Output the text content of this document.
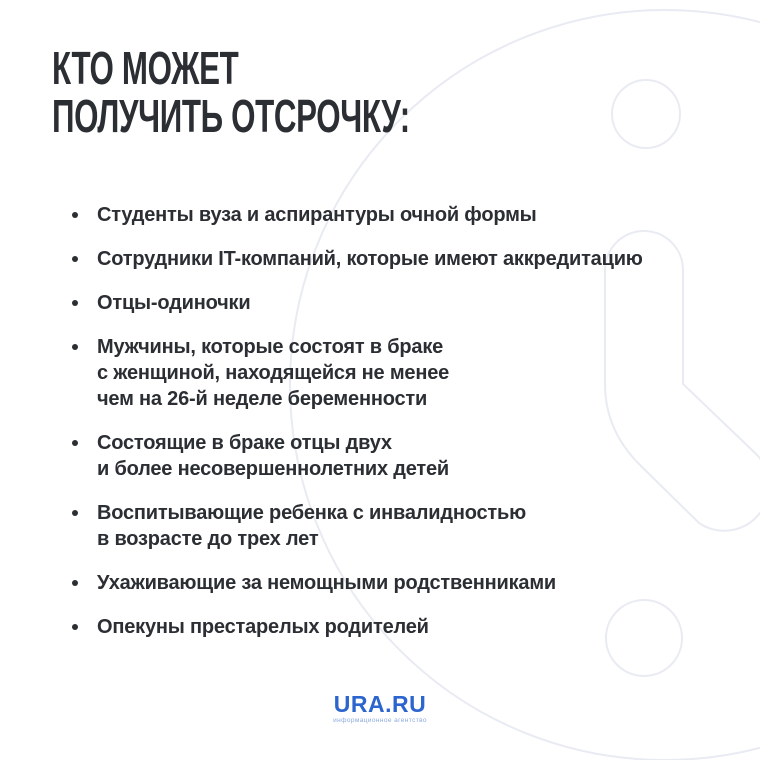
КТО МОЖЕТ
ПОЛУЧИТЬ ОТСРОЧКУ:
Студенты вуза и аспирантуры очной формы
Сотрудники IT-компаний, которые имеют аккредитацию
Отцы-одиночки
Мужчины, которые состоят в браке
с женщиной, находящейся не менее
чем на 26-й неделе беременности
Состоящие в браке отцы двух
и более несовершеннолетних детей
Воспитывающие ребенка с инвалидностью
в возрасте до трех лет
Ухаживающие за немощными родственниками
Опекуны престарелых родителей
URA.RU
информационное агентство
